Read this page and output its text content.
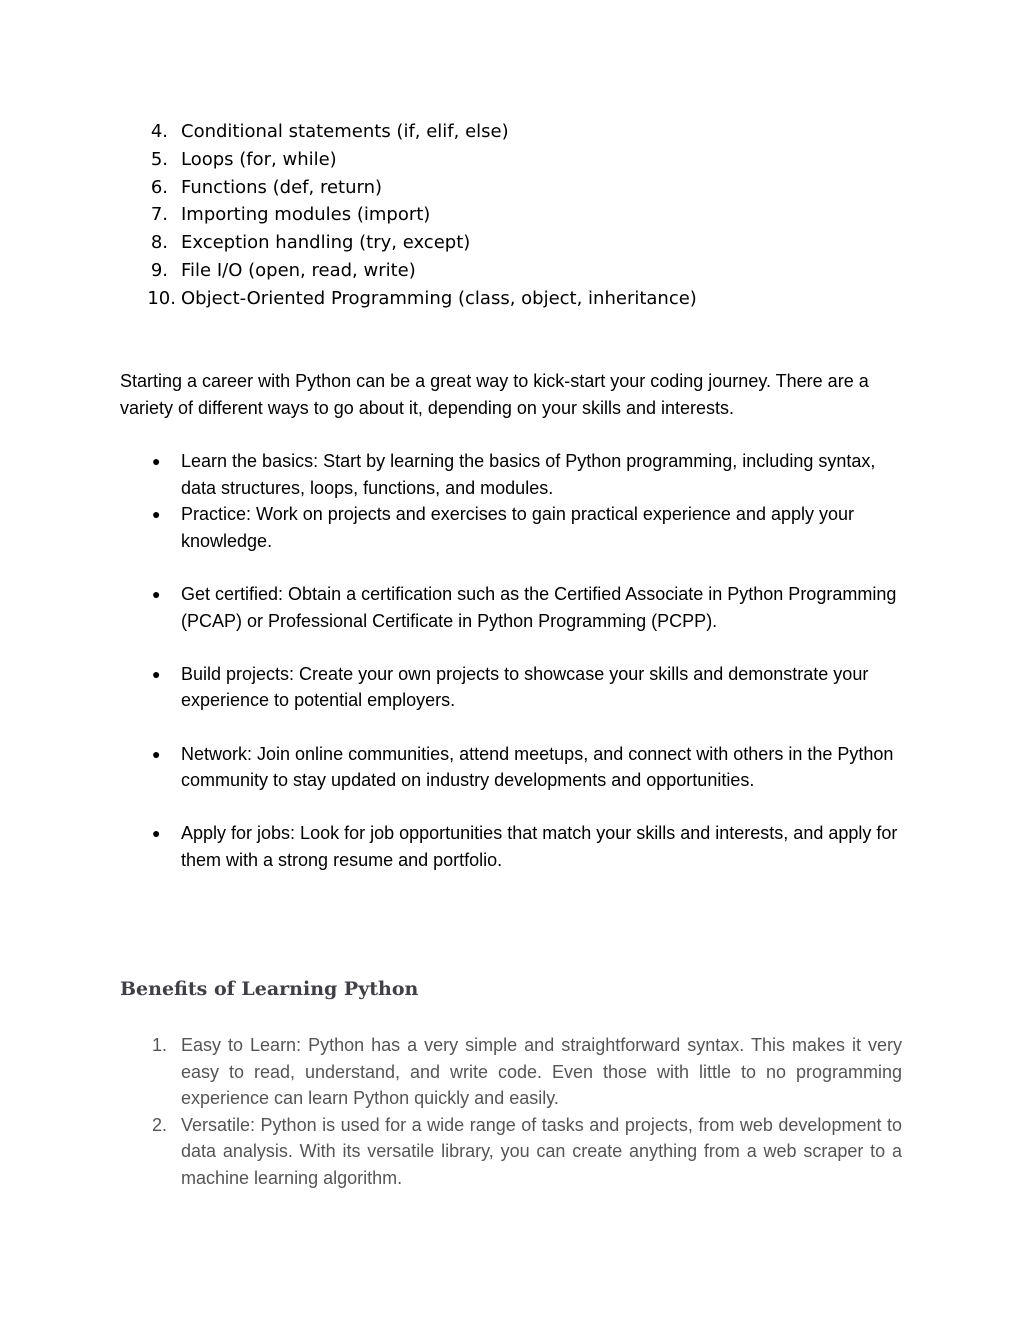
4. Conditional statements (if, elif, else)
5. Loops (for, while)
6. Functions (def, return)
7. Importing modules (import)
8. Exception handling (try, except)
9. File I/O (open, read, write)
10. Object-Oriented Programming (class, object, inheritance)

Starting a career with Python can be a great way to kick-start your coding journey. There are a variety of different ways to go about it, depending on your skills and interests.

● Learn the basics: Start by learning the basics of Python programming, including syntax, data structures, loops, functions, and modules.
● Practice: Work on projects and exercises to gain practical experience and apply your knowledge.
● Get certified: Obtain a certification such as the Certified Associate in Python Programming (PCAP) or Professional Certificate in Python Programming (PCPP).
● Build projects: Create your own projects to showcase your skills and demonstrate your experience to potential employers.
● Network: Join online communities, attend meetups, and connect with others in the Python community to stay updated on industry developments and opportunities.
● Apply for jobs: Look for job opportunities that match your skills and interests, and apply for them with a strong resume and portfolio.
Benefits of Learning Python
1. Easy to Learn: Python has a very simple and straightforward syntax. This makes it very easy to read, understand, and write code. Even those with little to no programming experience can learn Python quickly and easily.
2. Versatile: Python is used for a wide range of tasks and projects, from web development to data analysis. With its versatile library, you can create anything from a web scraper to a machine learning algorithm.
